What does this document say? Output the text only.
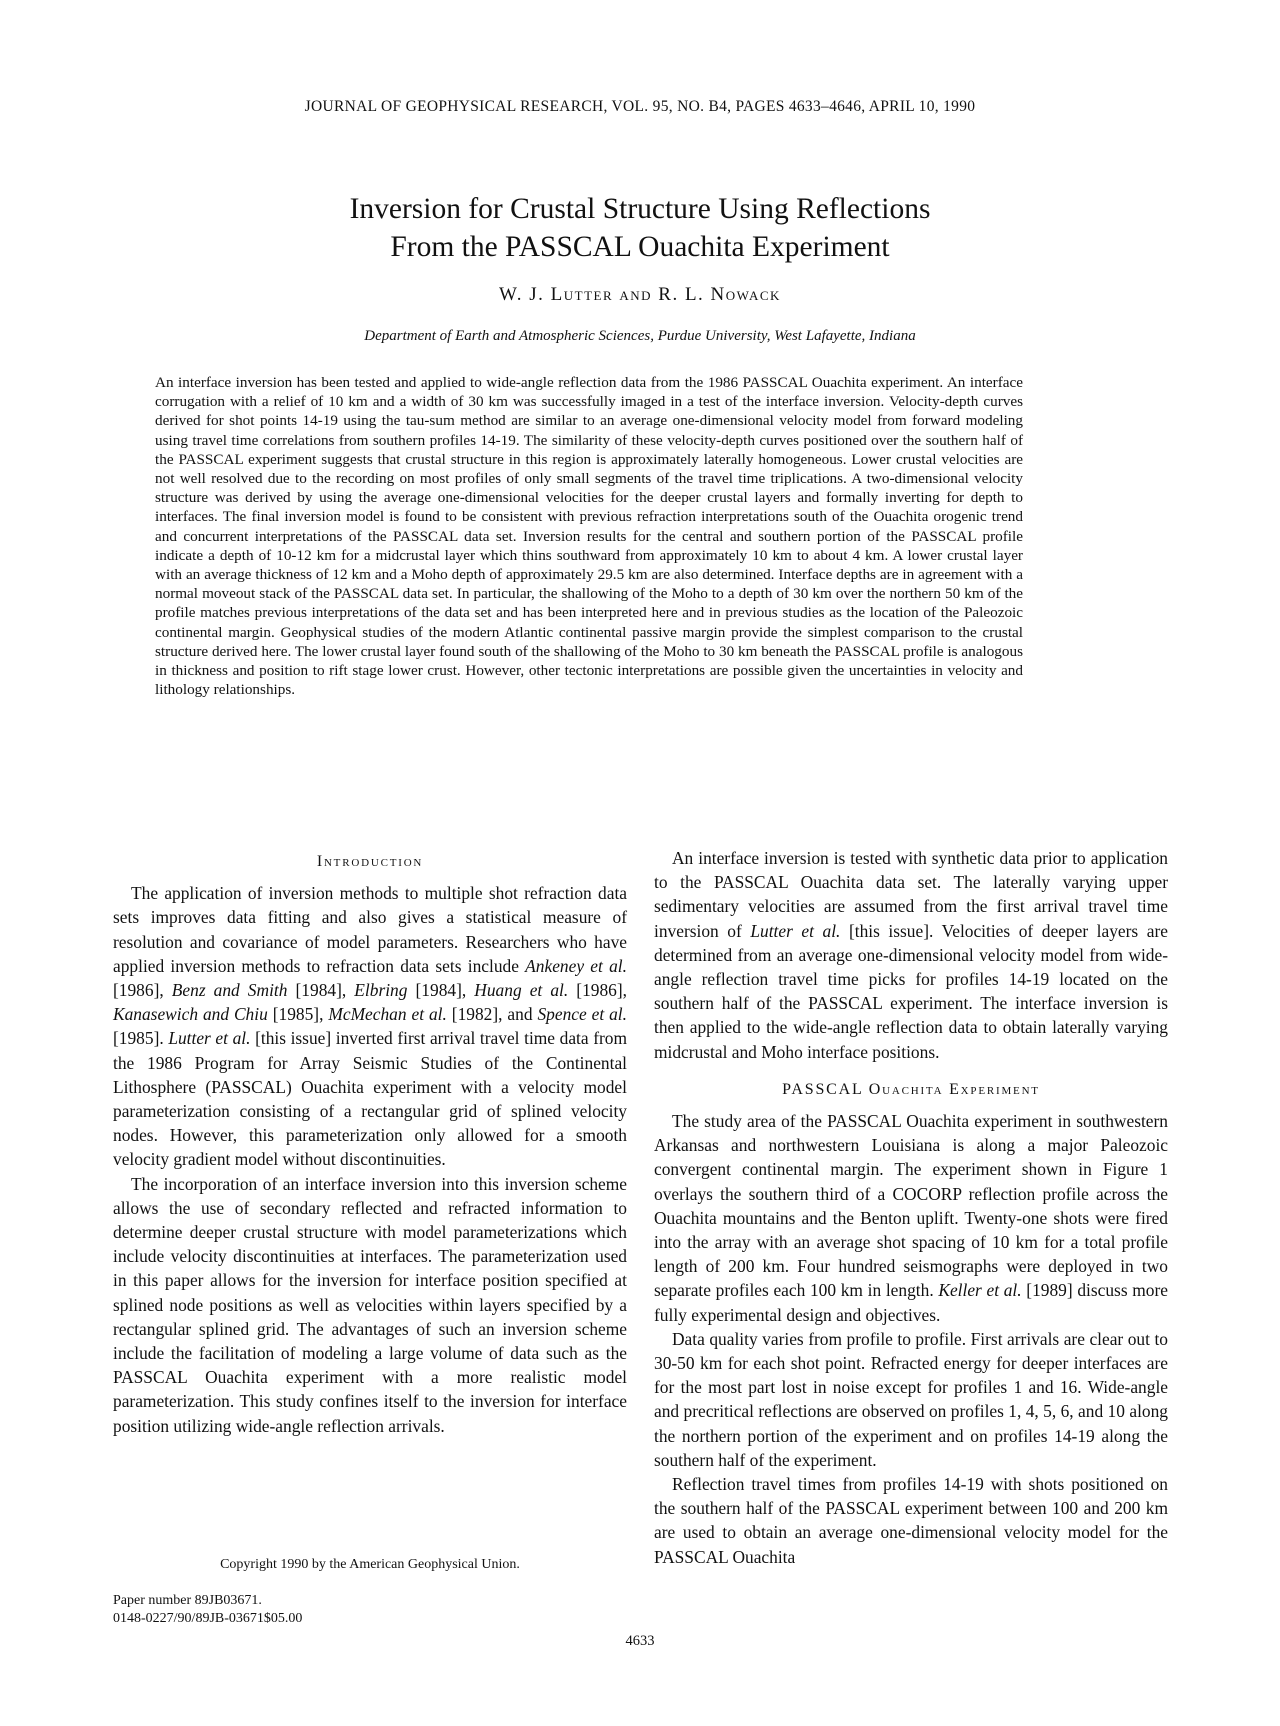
JOURNAL OF GEOPHYSICAL RESEARCH, VOL. 95, NO. B4, PAGES 4633–4646, APRIL 10, 1990
Inversion for Crustal Structure Using Reflections
From the PASSCAL Ouachita Experiment
W. J. Lutter and R. L. Nowack
Department of Earth and Atmospheric Sciences, Purdue University, West Lafayette, Indiana
An interface inversion has been tested and applied to wide-angle reflection data from the 1986 PASSCAL Ouachita experiment. An interface corrugation with a relief of 10 km and a width of 30 km was successfully imaged in a test of the interface inversion. Velocity-depth curves derived for shot points 14-19 using the tau-sum method are similar to an average one-dimensional velocity model from forward modeling using travel time correlations from southern profiles 14-19. The similarity of these velocity-depth curves positioned over the southern half of the PASSCAL experiment suggests that crustal structure in this region is approximately laterally homogeneous. Lower crustal velocities are not well resolved due to the recording on most profiles of only small segments of the travel time triplications. A two-dimensional velocity structure was derived by using the average one-dimensional velocities for the deeper crustal layers and formally inverting for depth to interfaces. The final inversion model is found to be consistent with previous refraction interpretations south of the Ouachita orogenic trend and concurrent interpretations of the PASSCAL data set. Inversion results for the central and southern portion of the PASSCAL profile indicate a depth of 10-12 km for a midcrustal layer which thins southward from approximately 10 km to about 4 km. A lower crustal layer with an average thickness of 12 km and a Moho depth of approximately 29.5 km are also determined. Interface depths are in agreement with a normal moveout stack of the PASSCAL data set. In particular, the shallowing of the Moho to a depth of 30 km over the northern 50 km of the profile matches previous interpretations of the data set and has been interpreted here and in previous studies as the location of the Paleozoic continental margin. Geophysical studies of the modern Atlantic continental passive margin provide the simplest comparison to the crustal structure derived here. The lower crustal layer found south of the shallowing of the Moho to 30 km beneath the PASSCAL profile is analogous in thickness and position to rift stage lower crust. However, other tectonic interpretations are possible given the uncertainties in velocity and lithology relationships.
Introduction

The application of inversion methods to multiple shot refraction data sets improves data fitting and also gives a statistical measure of resolution and covariance of model parameters. Researchers who have applied inversion methods to refraction data sets include Ankeney et al. [1986], Benz and Smith [1984], Elbring [1984], Huang et al. [1986], Kanasewich and Chiu [1985], McMechan et al. [1982], and Spence et al. [1985]. Lutter et al. [this issue] inverted first arrival travel time data from the 1986 Program for Array Seismic Studies of the Continental Lithosphere (PASSCAL) Ouachita experiment with a velocity model parameterization consisting of a rectangular grid of splined velocity nodes. However, this parameterization only allowed for a smooth velocity gradient model without discontinuities.

The incorporation of an interface inversion into this inversion scheme allows the use of secondary reflected and refracted information to determine deeper crustal structure with model parameterizations which include velocity discontinuities at interfaces. The parameterization used in this paper allows for the inversion for interface position specified at splined node positions as well as velocities within layers specified by a rectangular splined grid. The advantages of such an inversion scheme include the facilitation of modeling a large volume of data such as the PASSCAL Ouachita experiment with a more realistic model parameterization. This study confines itself to the inversion for interface position utilizing wide-angle reflection arrivals.

Copyright 1990 by the American Geophysical Union.
Paper number 89JB03671.
0148-0227/90/89JB-03671$05.00

An interface inversion is tested with synthetic data prior to application to the PASSCAL Ouachita data set. The laterally varying upper sedimentary velocities are assumed from the first arrival travel time inversion of Lutter et al. [this issue]. Velocities of deeper layers are determined from an average one-dimensional velocity model from wide-angle reflection travel time picks for profiles 14-19 located on the southern half of the PASSCAL experiment. The interface inversion is then applied to the wide-angle reflection data to obtain laterally varying midcrustal and Moho interface positions.

PASSCAL Ouachita Experiment

The study area of the PASSCAL Ouachita experiment in southwestern Arkansas and northwestern Louisiana is along a major Paleozoic convergent continental margin. The experiment shown in Figure 1 overlays the southern third of a COCORP reflection profile across the Ouachita mountains and the Benton uplift. Twenty-one shots were fired into the array with an average shot spacing of 10 km for a total profile length of 200 km. Four hundred seismographs were deployed in two separate profiles each 100 km in length. Keller et al. [1989] discuss more fully experimental design and objectives.

Data quality varies from profile to profile. First arrivals are clear out to 30-50 km for each shot point. Refracted energy for deeper interfaces are for the most part lost in noise except for profiles 1 and 16. Wide-angle and precritical reflections are observed on profiles 1, 4, 5, 6, and 10 along the northern portion of the experiment and on profiles 14-19 along the southern half of the experiment.

Reflection travel times from profiles 14-19 with shots positioned on the southern half of the PASSCAL experiment between 100 and 200 km are used to obtain an average one-dimensional velocity model for the PASSCAL Ouachita

4633
